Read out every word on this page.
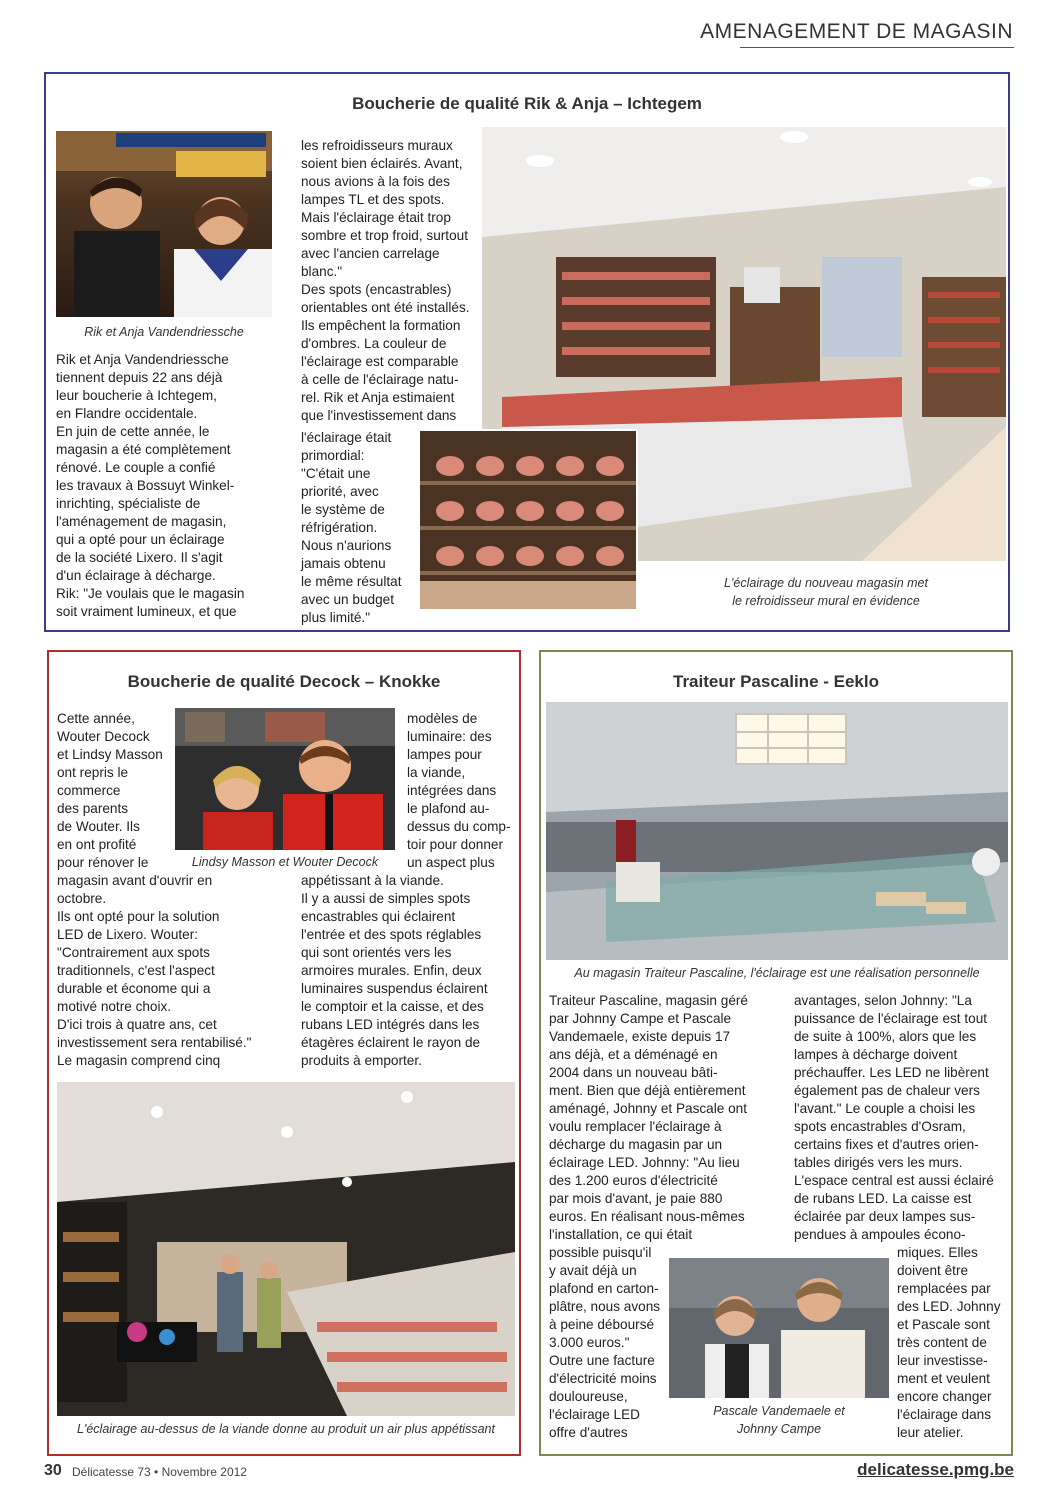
AMENAGEMENT DE MAGASIN
Boucherie de qualité Rik & Anja – Ichtegem
Rik et Anja Vandendriessche
Rik et Anja Vandendriessche
tiennent depuis 22 ans déjà
leur boucherie à Ichtegem,
en Flandre occidentale.
En juin de cette année, le
magasin a été complètement
rénové. Le couple a confié
les travaux à Bossuyt Winkel-
inrichting, spécialiste de
l'aménagement de magasin,
qui a opté pour un éclairage
de la société Lixero. Il s'agit
d'un éclairage à décharge.
Rik: "Je voulais que le magasin
soit vraiment lumineux, et que
les refroidisseurs muraux
soient bien éclairés. Avant,
nous avions à la fois des
lampes TL et des spots.
Mais l'éclairage était trop
sombre et trop froid, surtout
avec l'ancien carrelage
blanc."
Des spots (encastrables)
orientables ont été installés.
Ils empêchent la formation
d'ombres. La couleur de
l'éclairage est comparable
à celle de l'éclairage natu-
rel. Rik et Anja estimaient
que l'investissement dans
l'éclairage était
primordial:
"C'était une
priorité, avec
le système de
réfrigération.
Nous n'aurions
jamais obtenu
le même résultat
avec un budget
plus limité."
L'éclairage du nouveau magasin met
le refroidisseur mural en évidence
Boucherie de qualité Decock – Knokke
Cette année,
Wouter Decock
et Lindsy Masson
ont repris le
commerce
des parents
de Wouter. Ils
en ont profité
pour rénover le	Lindsy Masson et Wouter Decock
modèles de
luminaire: des
lampes pour
la viande,
intégrées dans
le plafond au-
dessus du comp-
toir pour donner
un aspect plus
magasin avant d'ouvrir en
octobre.
Ils ont opté pour la solution
LED de Lixero. Wouter:
"Contrairement aux spots
traditionnels, c'est l'aspect
durable et économe qui a
motivé notre choix.
D'ici trois à quatre ans, cet
investissement sera rentabilisé."
Le magasin comprend cinq
appétissant à la viande.
Il y a aussi de simples spots
encastrables qui éclairent
l'entrée et des spots réglables
qui sont orientés vers les
armoires murales. Enfin, deux
luminaires suspendus éclairent
le comptoir et la caisse, et des
rubans LED intégrés dans les
étagères éclairent le rayon de
produits à emporter.
L'éclairage au-dessus de la viande donne au produit un air plus appétissant
Traiteur Pascaline - Eeklo
Au magasin Traiteur Pascaline, l'éclairage est une réalisation personnelle
Traiteur Pascaline, magasin géré
par Johnny Campe et Pascale
Vandemaele, existe depuis 17
ans déjà, et a déménagé en
2004 dans un nouveau bâti-
ment. Bien que déjà entièrement
aménagé, Johnny et Pascale ont
voulu remplacer l'éclairage à
décharge du magasin par un
éclairage LED. Johnny: "Au lieu
des 1.200 euros d'électricité
par mois d'avant, je paie 880
euros. En réalisant nous-mêmes
l'installation, ce qui était
possible puisqu'il
y avait déjà un
plafond en carton-
plâtre, nous avons
à peine déboursé
3.000 euros."
Outre une facture
d'électricité moins
douloureuse,
l'éclairage LED
offre d'autres
avantages, selon Johnny: "La
puissance de l'éclairage est tout
de suite à 100%, alors que les
lampes à décharge doivent
préchauffer. Les LED ne libèrent
également pas de chaleur vers
l'avant." Le couple a choisi les
spots encastrables d'Osram,
certains fixes et d'autres orien-
tables dirigés vers les murs.
L'espace central est aussi éclairé
de rubans LED. La caisse est
éclairée par deux lampes sus-
pendues à ampoules écono-
miques. Elles
doivent être
remplacées par
des LED. Johnny
et Pascale sont
très content de
leur investisse-
ment et veulent
encore changer
l'éclairage dans
leur atelier.
Pascale Vandemaele et
Johnny Campe
30 Délicatesse 73 • Novembre 2012	delicatesse.pmg.be
